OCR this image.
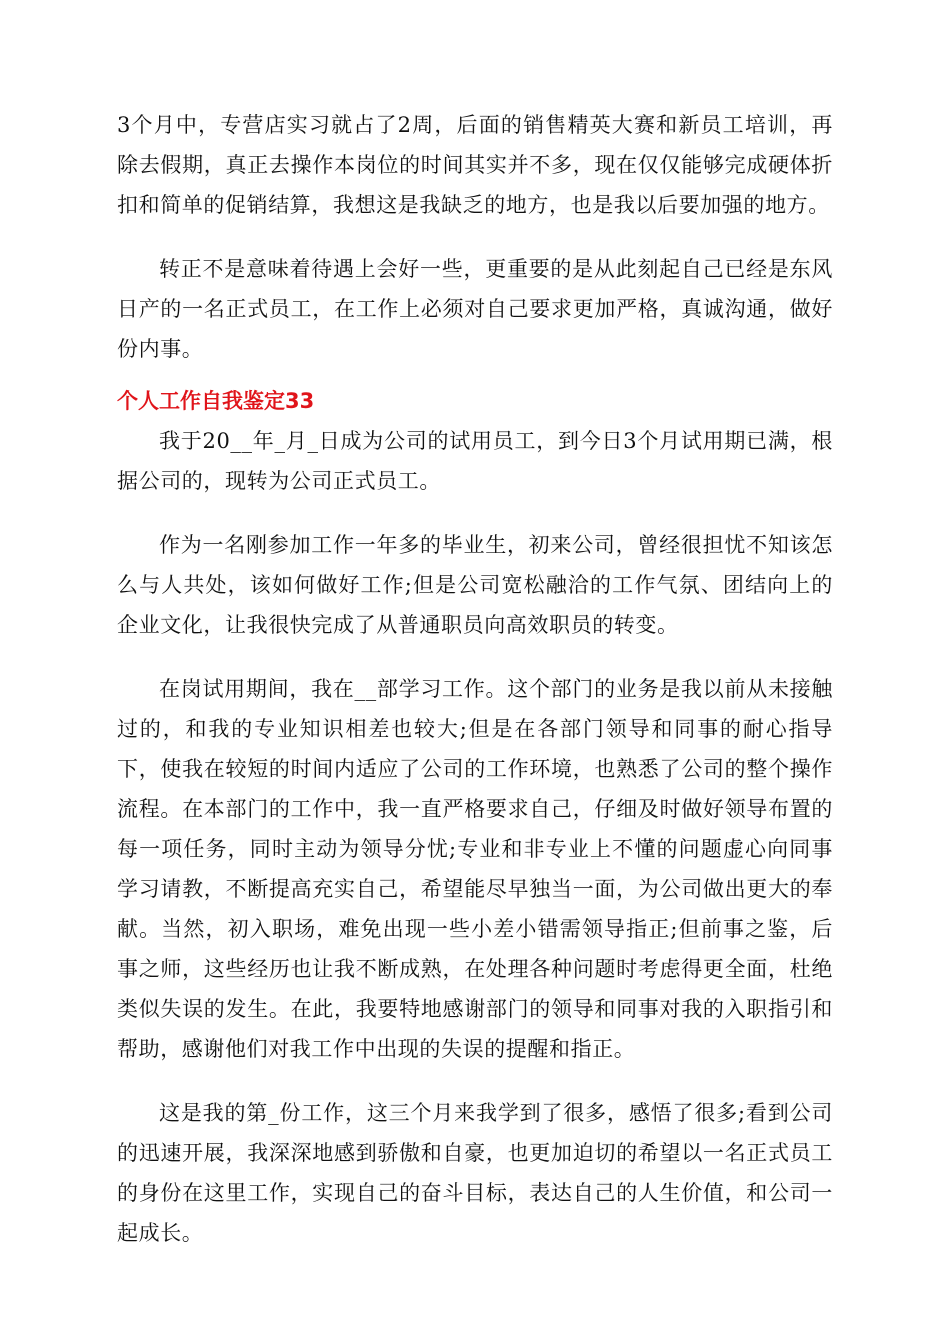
3个月中，专营店实习就占了2周，后面的销售精英大赛和新员工培训，再除去假期，真正去操作本岗位的时间其实并不多，现在仅仅能够完成硬体折扣和简单的促销结算，我想这是我缺乏的地方，也是我以后要加强的地方。

转正不是意味着待遇上会好一些，更重要的是从此刻起自己已经是东风日产的一名正式员工，在工作上必须对自己要求更加严格，真诚沟通，做好份内事。

个人工作自我鉴定33

我于20__年_月_日成为公司的试用员工，到今日3个月试用期已满，根据公司的，现转为公司正式员工。

作为一名刚参加工作一年多的毕业生，初来公司，曾经很担忧不知该怎么与人共处，该如何做好工作;但是公司宽松融洽的工作气氛、团结向上的企业文化，让我很快完成了从普通职员向高效职员的转变。

在岗试用期间，我在__部学习工作。这个部门的业务是我以前从未接触过的，和我的专业知识相差也较大;但是在各部门领导和同事的耐心指导下，使我在较短的时间内适应了公司的工作环境，也熟悉了公司的整个操作流程。在本部门的工作中，我一直严格要求自己，仔细及时做好领导布置的每一项任务，同时主动为领导分忧;专业和非专业上不懂的问题虚心向同事学习请教，不断提高充实自己，希望能尽早独当一面，为公司做出更大的奉献。当然，初入职场，难免出现一些小差小错需领导指正;但前事之鉴，后事之师，这些经历也让我不断成熟，在处理各种问题时考虑得更全面，杜绝类似失误的发生。在此，我要特地感谢部门的领导和同事对我的入职指引和帮助，感谢他们对我工作中出现的失误的提醒和指正。

这是我的第_份工作，这三个月来我学到了很多，感悟了很多;看到公司的迅速开展，我深深地感到骄傲和自豪，也更加迫切的希望以一名正式员工的身份在这里工作，实现自己的奋斗目标，表达自己的人生价值，和公司一起成长。
